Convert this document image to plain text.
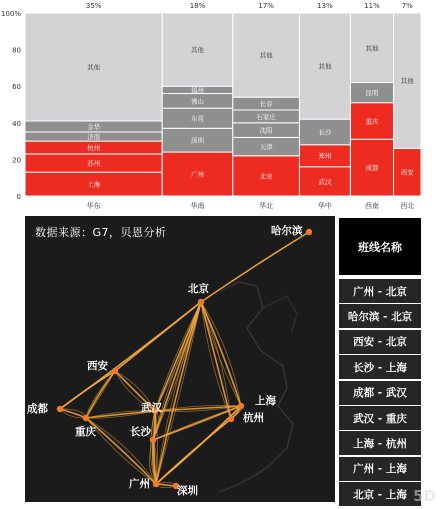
0
20
40
60
80
100%
上海
苏州
杭州
济南
金华
其他
广州
深圳
东莞
佛山
福州
其他
北京
天津
沈阳
石家庄
长春
其他
武汉
郑州
长沙
其他
成都
重庆
昆明
其他
西安
其他
35%	18%	17%	13%	11%	7%
华东	华南	华北	华中	西南	西北
哈尔滨
北京
西安
成都
重庆
武汉
长沙
上海
杭州
广州
深圳
数据来源：G7，贝恩分析
班线名称
广州 - 北京
哈尔滨 - 北京
西安 - 北京
长沙 - 上海
成都 - 武汉
武汉 - 重庆
上海 - 杭州
广州 - 上海
北京 - 上海 5D
